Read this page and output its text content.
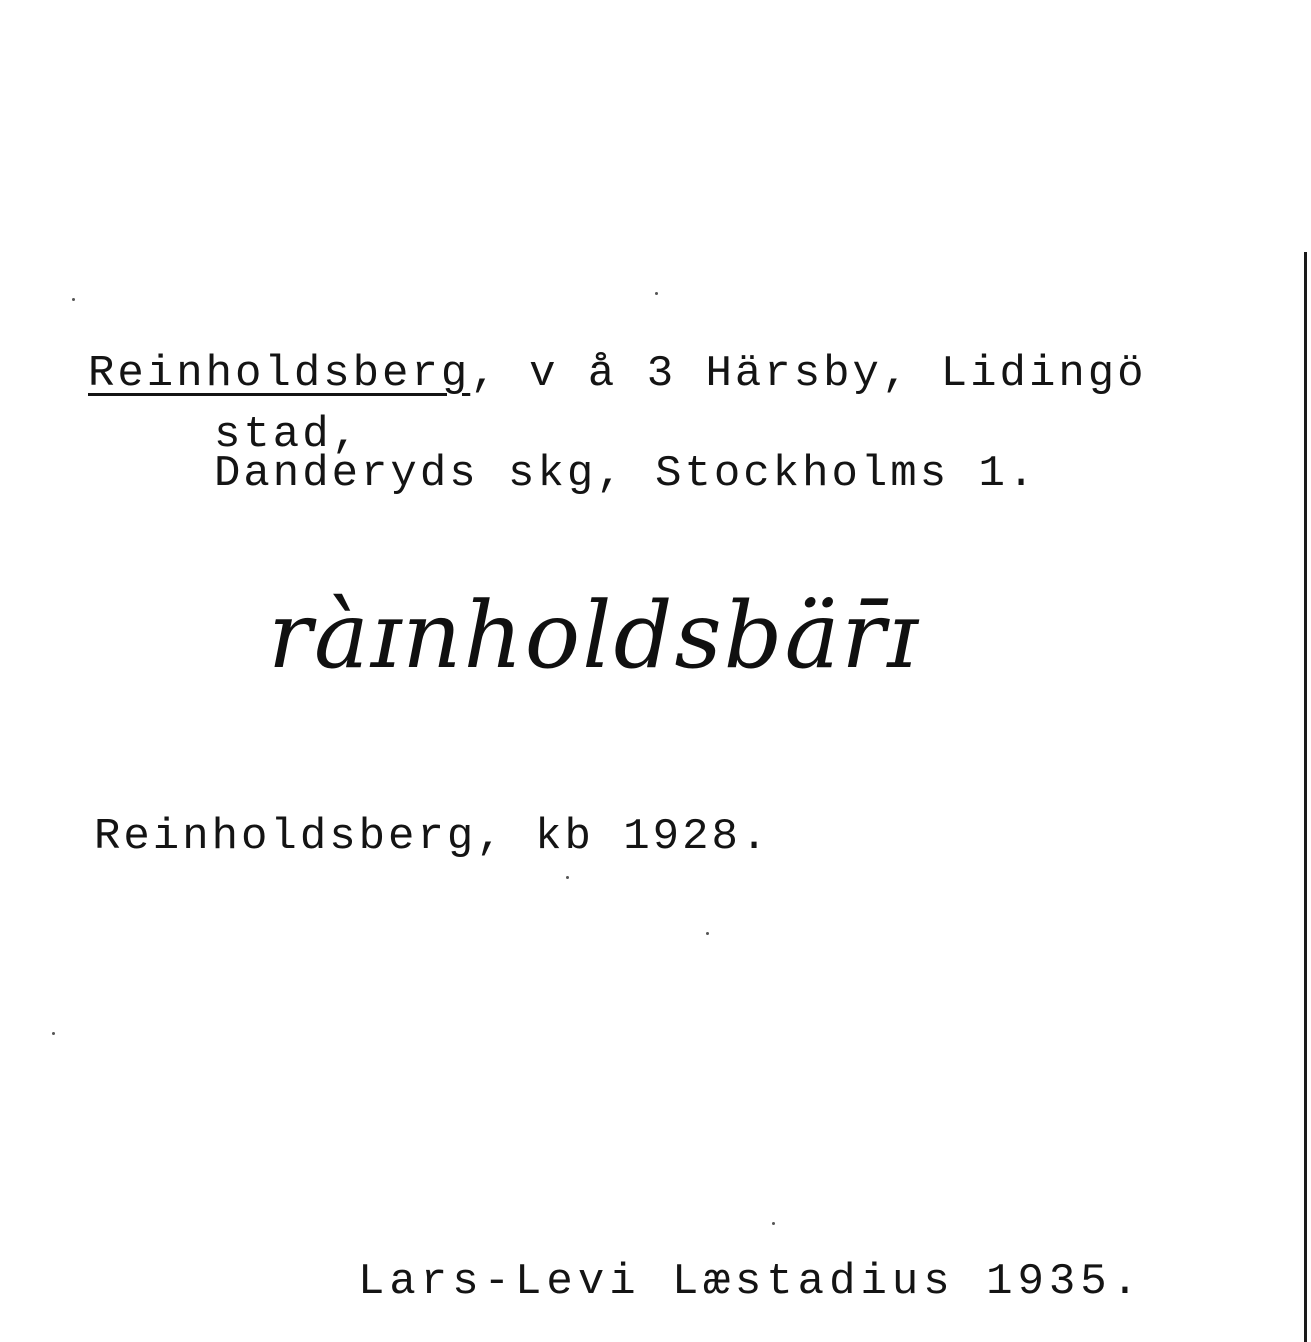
Reinholdsberg, v å 3 Härsby, Lidingö
stad,
Danderyds skg, Stockholms 1.
ràɪnholdsbär̄ɪ
Reinholdsberg, kb 1928.
Lars-Levi Læstadius 1935.
